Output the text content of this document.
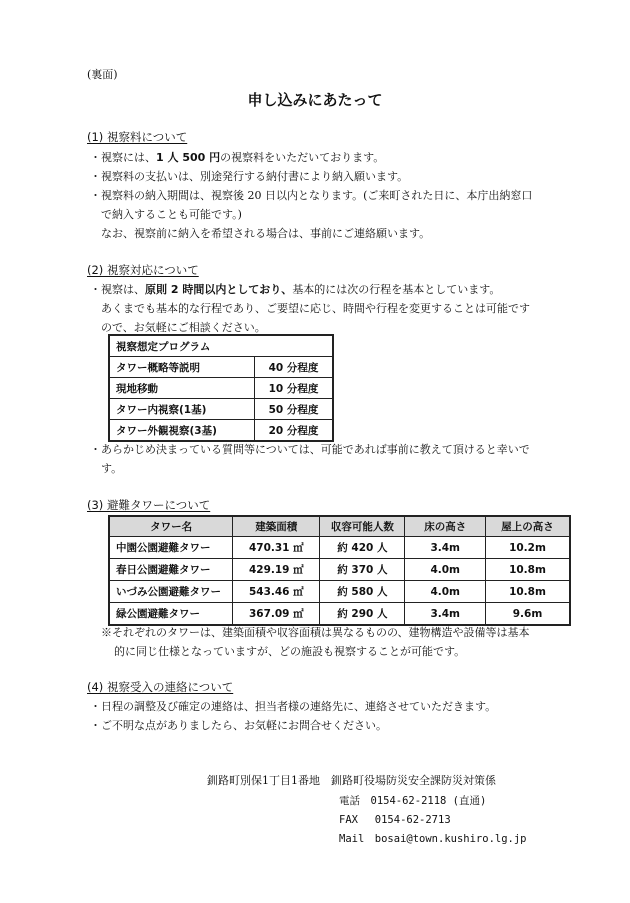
(裏面)
申し込みにあたって
(1) 視察料について
・視察には、1 人 500 円の視察料をいただいております。
・視察料の支払いは、別途発行する納付書により納入願います。
・視察料の納入期間は、視察後 20 日以内となります。(ご来町された日に、本庁出納窓口
で納入することも可能です。)
なお、視察前に納入を希望される場合は、事前にご連絡願います。
(2) 視察対応について
・視察は、原則 2 時間以内としており、基本的には次の行程を基本としています。
あくまでも基本的な行程であり、ご要望に応じ、時間や行程を変更することは可能です
ので、お気軽にご相談ください。
視察想定プログラム	
タワー概略等説明	40 分程度
現地移動	10 分程度
タワー内視察(1基)	50 分程度
タワー外観視察(3基)	20 分程度
・あらかじめ決まっている質問等については、可能であれば事前に教えて頂けると幸いで
す。
(3) 避難タワーについて
タワー名	建築面積	収容可能人数	床の高さ	屋上の高さ
中園公園避難タワー	470.31 ㎡	約 420 人	3.4m	10.2m
春日公園避難タワー	429.19 ㎡	約 370 人	4.0m	10.8m
いづみ公園避難タワー	543.46 ㎡	約 580 人	4.0m	10.8m
緑公園避難タワー	367.09 ㎡	約 290 人	3.4m	9.6m
※それぞれのタワーは、建築面積や収容面積は異なるものの、建物構造や設備等は基本
的に同じ仕様となっていますが、どの施設も視察することが可能です。
(4) 視察受入の連絡について
・日程の調整及び確定の連絡は、担当者様の連絡先に、連絡させていただきます。
・ご不明な点がありましたら、お気軽にお問合せください。
釧路町別保1丁目1番地　釧路町役場防災安全課防災対策係
電話　0154-62-2118 (直通)
FAX　 0154-62-2713
Mail　bosai@town.kushiro.lg.jp
